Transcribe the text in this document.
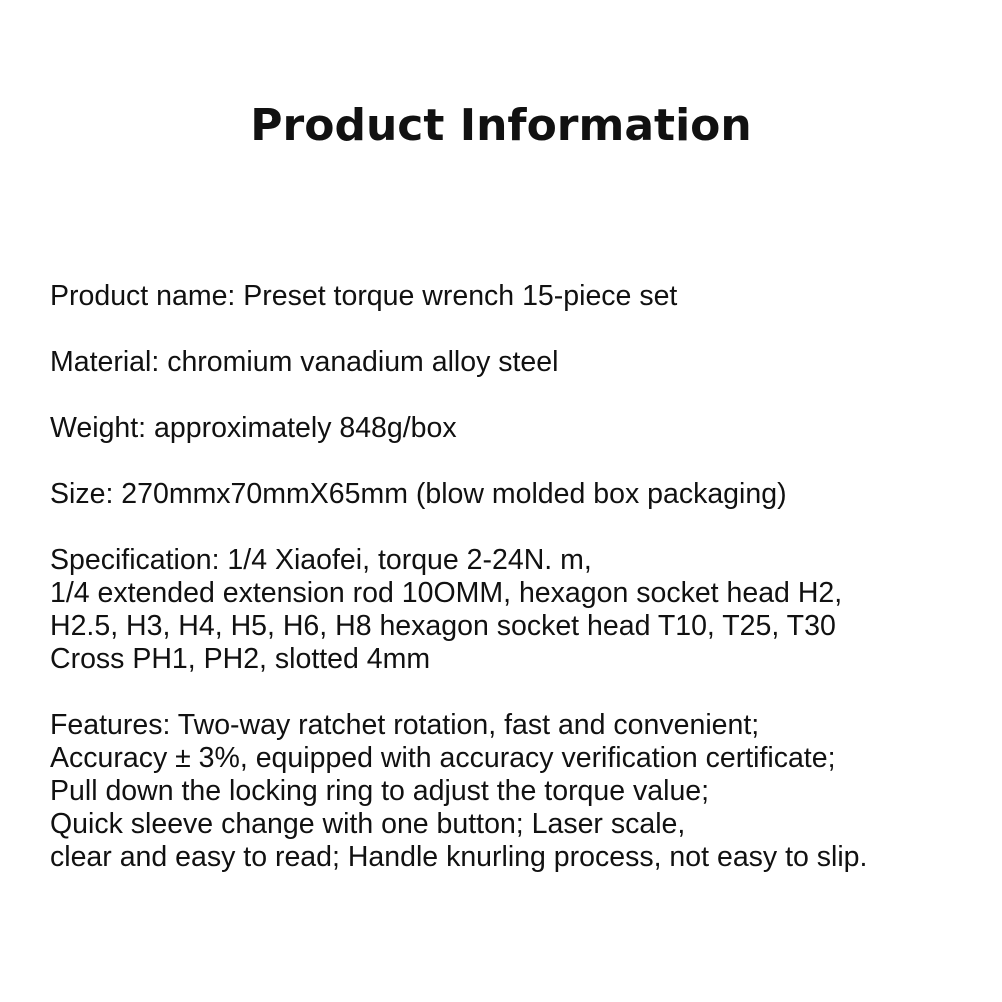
Product Information

Product name: Preset torque wrench 15-piece set

Material: chromium vanadium alloy steel

Weight: approximately 848g/box

Size: 270mmx70mmX65mm (blow molded box packaging)

Specification: 1/4 Xiaofei, torque 2-24N. m,
1/4 extended extension rod 10OMM, hexagon socket head H2,
H2.5, H3, H4, H5, H6, H8 hexagon socket head T10, T25, T30
Cross PH1, PH2, slotted 4mm

Features: Two-way ratchet rotation, fast and convenient;
Accuracy ± 3%, equipped with accuracy verification certificate;
Pull down the locking ring to adjust the torque value;
Quick sleeve change with one button; Laser scale,
clear and easy to read; Handle knurling process, not easy to slip.
